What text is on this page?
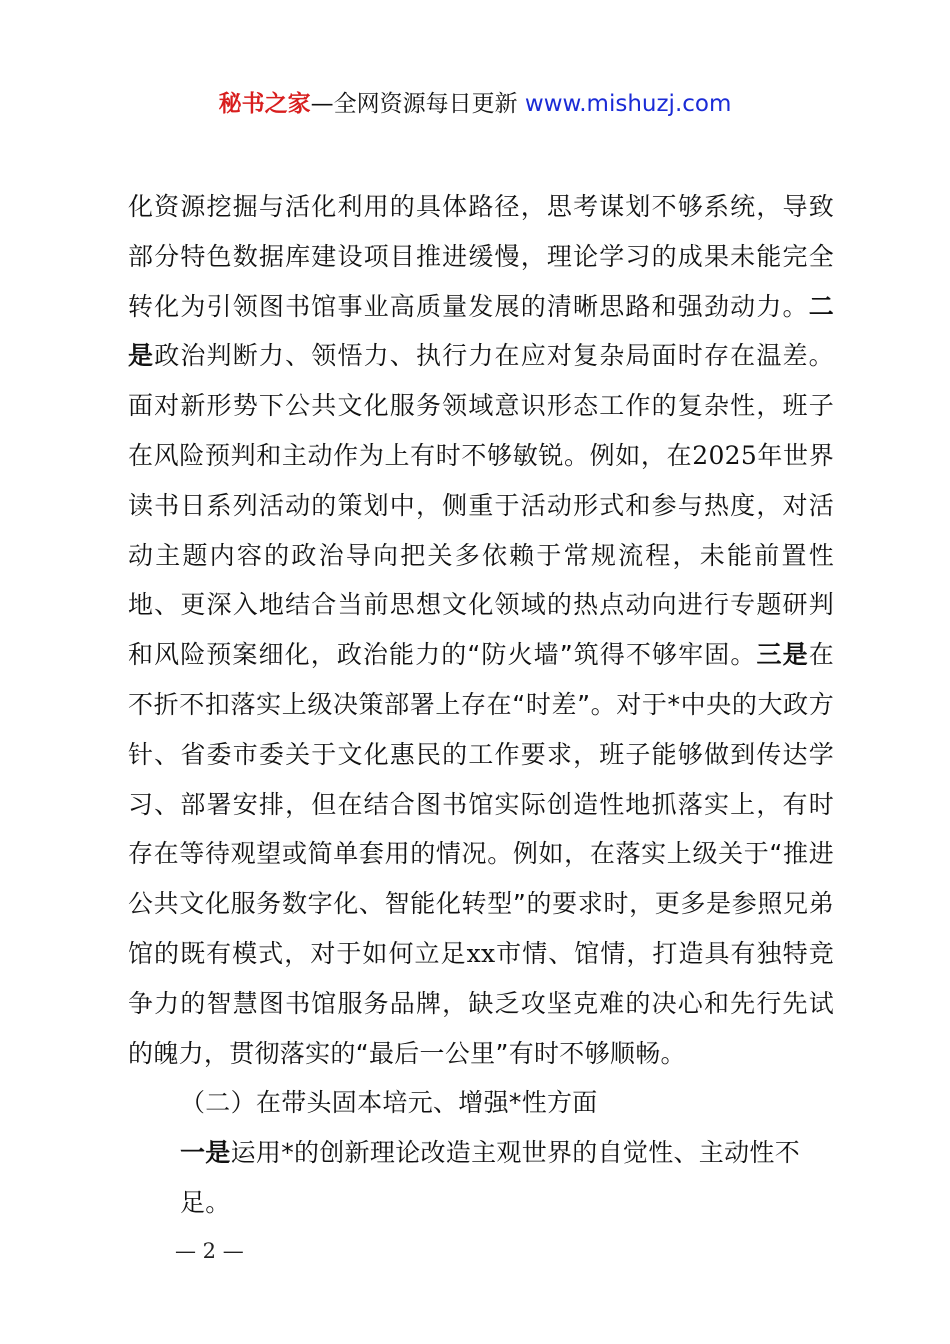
秘书之家—全网资源每日更新 www.mishuzj.com

化资源挖掘与活化利用的具体路径，思考谋划不够系统，导致部分特色数据库建设项目推进缓慢，理论学习的成果未能完全转化为引领图书馆事业高质量发展的清晰思路和强劲动力。二是政治判断力、领悟力、执行力在应对复杂局面时存在温差。面对新形势下公共文化服务领域意识形态工作的复杂性，班子在风险预判和主动作为上有时不够敏锐。例如，在2025年世界读书日系列活动的策划中，侧重于活动形式和参与热度，对活动主题内容的政治导向把关多依赖于常规流程，未能前置性地、更深入地结合当前思想文化领域的热点动向进行专题研判和风险预案细化，政治能力的“防火墙”筑得不够牢固。三是在不折不扣落实上级决策部署上存在“时差”。对于*中央的大政方针、省委市委关于文化惠民的工作要求，班子能够做到传达学习、部署安排，但在结合图书馆实际创造性地抓落实上，有时存在等待观望或简单套用的情况。例如，在落实上级关于“推进公共文化服务数字化、智能化转型”的要求时，更多是参照兄弟馆的既有模式，对于如何立足xx市情、馆情，打造具有独特竞争力的智慧图书馆服务品牌，缺乏攻坚克难的决心和先行先试的魄力，贯彻落实的“最后一公里”有时不够顺畅。

（二）在带头固本培元、增强*性方面

一是运用*的创新理论改造主观世界的自觉性、主动性不足。

— 2 —
